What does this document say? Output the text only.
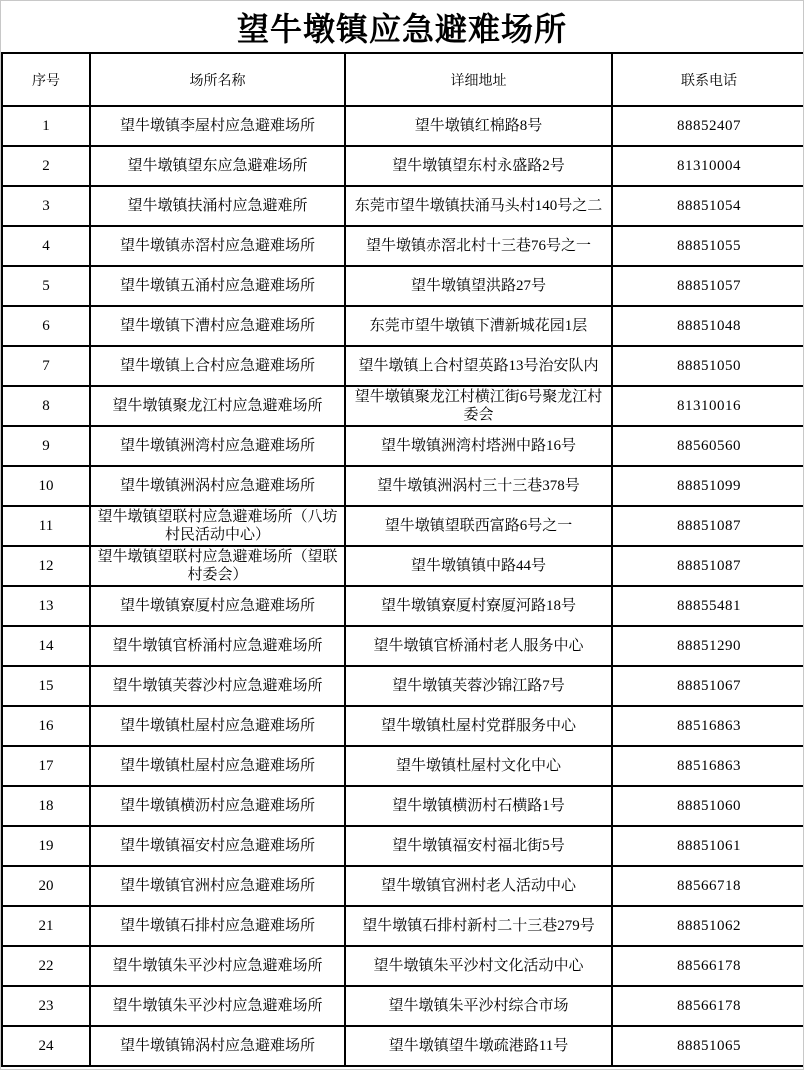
望牛墩镇应急避难场所
序号	场所名称	详细地址	联系电话
1	望牛墩镇李屋村应急避难场所	望牛墩镇红棉路8号	88852407
2	望牛墩镇望东应急避难场所	望牛墩镇望东村永盛路2号	81310004
3	望牛墩镇扶涌村应急避难所	东莞市望牛墩镇扶涌马头村140号之二	88851054
4	望牛墩镇赤滘村应急避难场所	望牛墩镇赤滘北村十三巷76号之一	88851055
5	望牛墩镇五涌村应急避难场所	望牛墩镇望洪路27号	88851057
6	望牛墩镇下漕村应急避难场所	东莞市望牛墩镇下漕新城花园1层	88851048
7	望牛墩镇上合村应急避难场所	望牛墩镇上合村望英路13号治安队内	88851050
8	望牛墩镇聚龙江村应急避难场所	望牛墩镇聚龙江村横江街6号聚龙江村委会	81310016
9	望牛墩镇洲湾村应急避难场所	望牛墩镇洲湾村塔洲中路16号	88560560
10	望牛墩镇洲涡村应急避难场所	望牛墩镇洲涡村三十三巷378号	88851099
11	望牛墩镇望联村应急避难场所（八坊村民活动中心）	望牛墩镇望联西富路6号之一	88851087
12	望牛墩镇望联村应急避难场所（望联村委会）	望牛墩镇镇中路44号	88851087
13	望牛墩镇寮厦村应急避难场所	望牛墩镇寮厦村寮厦河路18号	88855481
14	望牛墩镇官桥涌村应急避难场所	望牛墩镇官桥涌村老人服务中心	88851290
15	望牛墩镇芙蓉沙村应急避难场所	望牛墩镇芙蓉沙锦江路7号	88851067
16	望牛墩镇杜屋村应急避难场所	望牛墩镇杜屋村党群服务中心	88516863
17	望牛墩镇杜屋村应急避难场所	望牛墩镇杜屋村文化中心	88516863
18	望牛墩镇横沥村应急避难场所	望牛墩镇横沥村石横路1号	88851060
19	望牛墩镇福安村应急避难场所	望牛墩镇福安村福北街5号	88851061
20	望牛墩镇官洲村应急避难场所	望牛墩镇官洲村老人活动中心	88566718
21	望牛墩镇石排村应急避难场所	望牛墩镇石排村新村二十三巷279号	88851062
22	望牛墩镇朱平沙村应急避难场所	望牛墩镇朱平沙村文化活动中心	88566178
23	望牛墩镇朱平沙村应急避难场所	望牛墩镇朱平沙村综合市场	88566178
24	望牛墩镇锦涡村应急避难场所	望牛墩镇望牛墩疏港路11号	88851065
